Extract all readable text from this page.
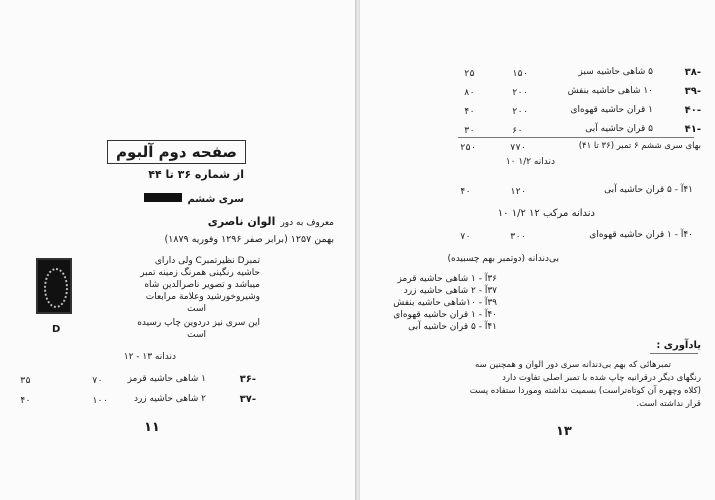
صفحه دوم آلبوم
از شماره ۳۶ تا ۴۴
سری ششم
معروف به دور الوان ناصری
بهمن ۱۲۵۷ (برابر صفر ۱۲۹۶ وفوریه ۱۸۷۹)
تمبرD نظیرتمبرC ولی دارای
حاشیه رنگینی همرنگ زمینه تمبر
میباشد و تصویر ناصرالدین شاه
وشیروخورشید وعلامة مرابعات
است
این سری نیز دردوین چاپ رسیده
است
D
دندانه ۱۳ - ۱۲
-۳۶
۱ شاهی حاشیه قرمز
۷۰
۳۵
-۳۷
۲ شاهی حاشیه زرد
۱۰۰
۴۰
۱۱
-۳۸
۵ شاهی حاشیه سبز
۱۵۰
۲۵
-۳۹
۱۰ شاهی حاشیه بنفش
۲۰۰
۸۰
-۴۰
۱ قران حاشیه قهوه‌ای
۲۰۰
۴۰
-۴۱
۵ قران حاشیه آبی
۶۰
۳۰
بهای سری ششم ۶ تمبر (۳۶ تا ۴۱)
۷۷۰
۲۵۰
دندانه ۱/۲ ۱۰
۴۱آ - ۵ قران حاشیه آبی
۱۲۰
۴۰
دندانه مرکب ۱۲ ۱/۲ ۱۰
۴۰آ - ۱ قران حاشیه قهوه‌ای
۳۰۰
۷۰
بی‌دندانه (دوتمبر بهم چسبیده)
۳۶آ - ۱ شاهی حاشیه قرمز
۳۷آ - ۲ شاهی حاشیه زرد
۳۹آ - ۱۰شاهی حاشیه بنفش
۴۰آ - ۱ قران حاشیه قهوه‌ای
۴۱آ - ۵ قران حاشیه آبی
یادآوری :
تمبرهائی که بهم بی‌دندانه سری دور الوان و همچنین سه
رنگهای دیگر درقرانیه چاپ شده با تمبر اصلی تفاوت دارد
(کلاه وچهره آن کوتاه‌تراست) بسمیت نداشته وموردا ستفاده پست
قرار نداشته است.
۱۳
